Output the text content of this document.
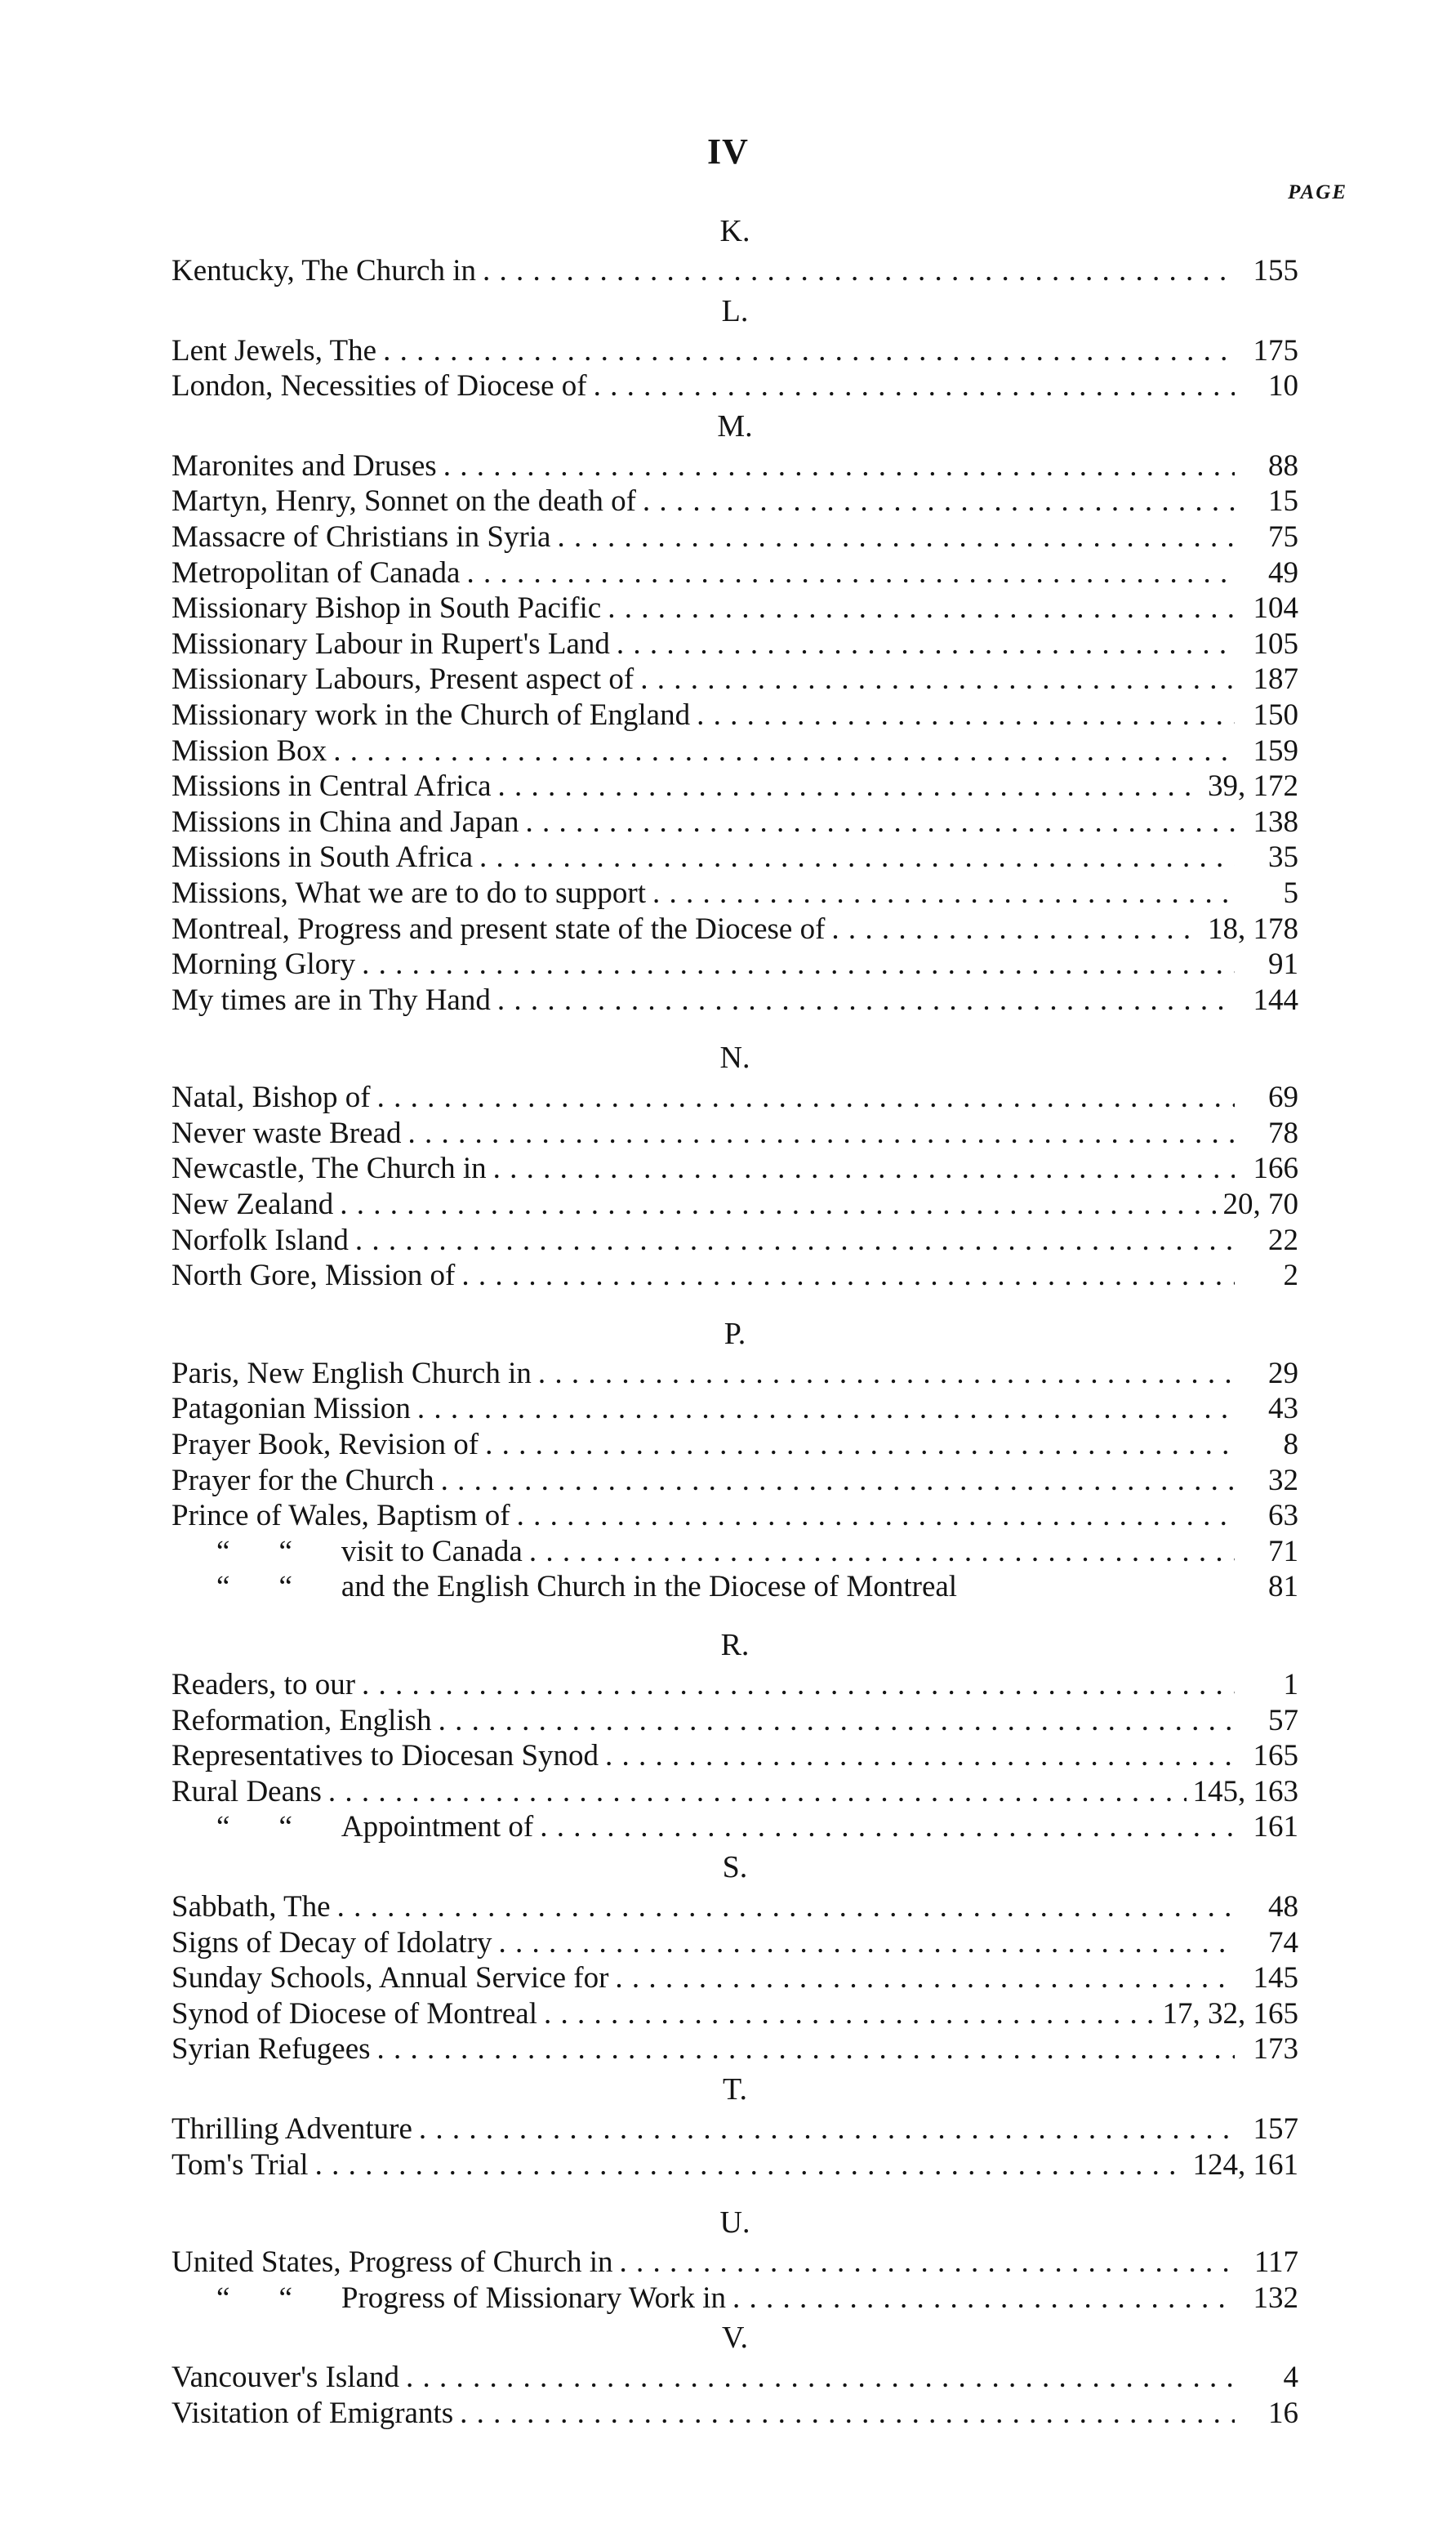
IV
PAGE
K.
Kentucky, The Church in . . .	155
L.
Lent Jewels, The . . .	175
London, Necessities of Diocese of . . .	10
M.
Maronites and Druses . . .	88
Martyn, Henry, Sonnet on the death of . . .	15
Massacre of Christians in Syria . . .	75
Metropolitan of Canada . . .	49
Missionary Bishop in South Pacific . . .	104
Missionary Labour in Rupert's Land . . .	105
Missionary Labours, Present aspect of . . .	187
Missionary work in the Church of England . . .	150
Mission Box . . .	159
Missions in Central Africa . . .	39, 172
Missions in China and Japan . . .	138
Missions in South Africa . . .	35
Missions, What we are to do to support . . .	5
Montreal, Progress and present state of the Diocese of . . .	18, 178
Morning Glory . . .	91
My times are in Thy Hand . . .	144
N.
Natal, Bishop of . . .	69
Never waste Bread . . .	78
Newcastle, The Church in . . .	166
New Zealand . . .	20, 70
Norfolk Island . . .	22
North Gore, Mission of . . .	2
P.
Paris, New English Church in . . .	29
Patagonian Mission . . .	43
Prayer Book, Revision of . . .	8
Prayer for the Church . . .	32
Prince of Wales, Baptism of . . .	63
“ “ visit to Canada . . .	71
“ “ and the English Church in the Diocese of Montreal	81
R.
Readers, to our . . .	1
Reformation, English . . .	57
Representatives to Diocesan Synod . . .	165
Rural Deans . . .	145, 163
“ “ Appointment of . . .	161
S.
Sabbath, The . . .	48
Signs of Decay of Idolatry . . .	74
Sunday Schools, Annual Service for . . .	145
Synod of Diocese of Montreal . . .	17, 32, 165
Syrian Refugees . . .	173
T.
Thrilling Adventure . . .	157
Tom's Trial . . .	124, 161
U.
United States, Progress of Church in . . .	117
“ “ Progress of Missionary Work in . . .	132
V.
Vancouver's Island . . .	4
Visitation of Emigrants . . .	16
